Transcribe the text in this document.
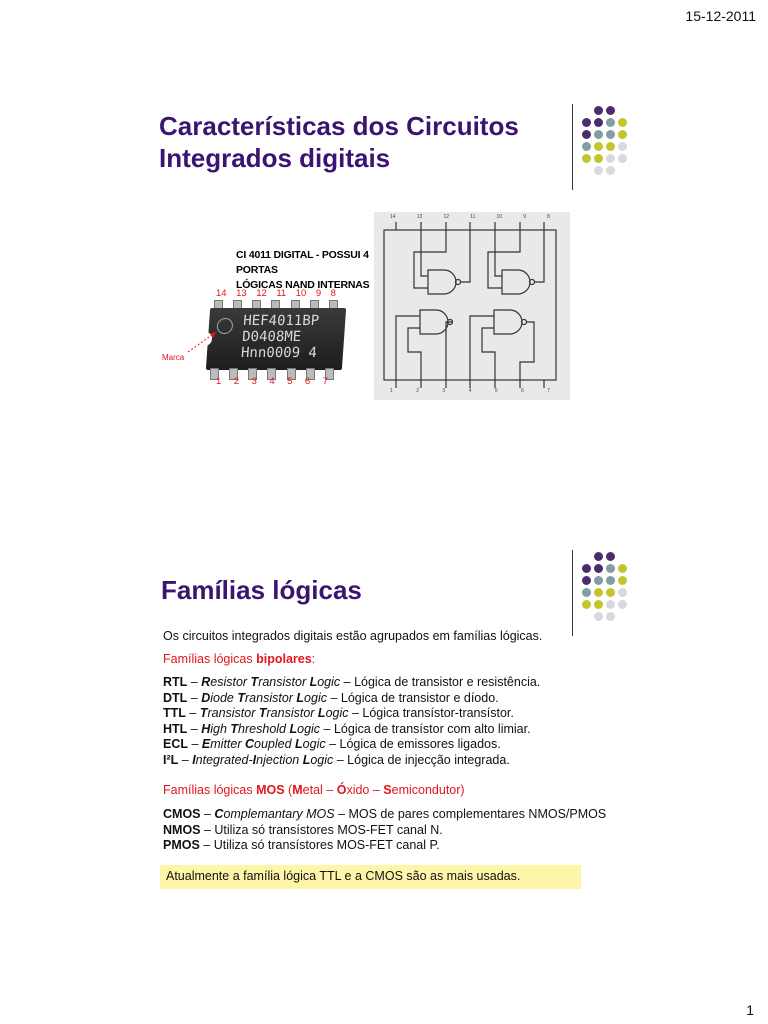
15-12-2011
Características dos Circuitos
Integrados digitais
CI 4011 DIGITAL - POSSUI 4 PORTAS
LÓGICAS NAND INTERNAS
14 13 12 11 10 9 8
HEF4011BP
D0408ME
Hnn0009 4
1 2 3 4 5 6 7
Marca
14	13	12	11	10	9	8
1	2	3	4	5	6	7
Famílias lógicas
Os circuitos integrados digitais estão agrupados em famílias lógicas.
Famílias lógicas bipolares:
RTL – Resistor Transistor Logic – Lógica de transistor e resistência.
DTL – Diode Transistor Logic – Lógica de transistor e díodo.
TTL – Transistor Transistor Logic – Lógica transístor-transístor.
HTL – High Threshold Logic – Lógica de transístor com alto limiar.
ECL – Emitter Coupled Logic – Lógica de emissores ligados.
I²L – Integrated-Injection Logic – Lógica de injecção integrada.
Famílias lógicas MOS (Metal – Óxido – Semicondutor)
CMOS – Complemantary MOS – MOS de pares complementares NMOS/PMOS
NMOS – Utiliza só transístores MOS-FET canal N.
PMOS – Utiliza só transístores MOS-FET canal P.
Atualmente a família lógica TTL e a CMOS são as mais usadas.
1
